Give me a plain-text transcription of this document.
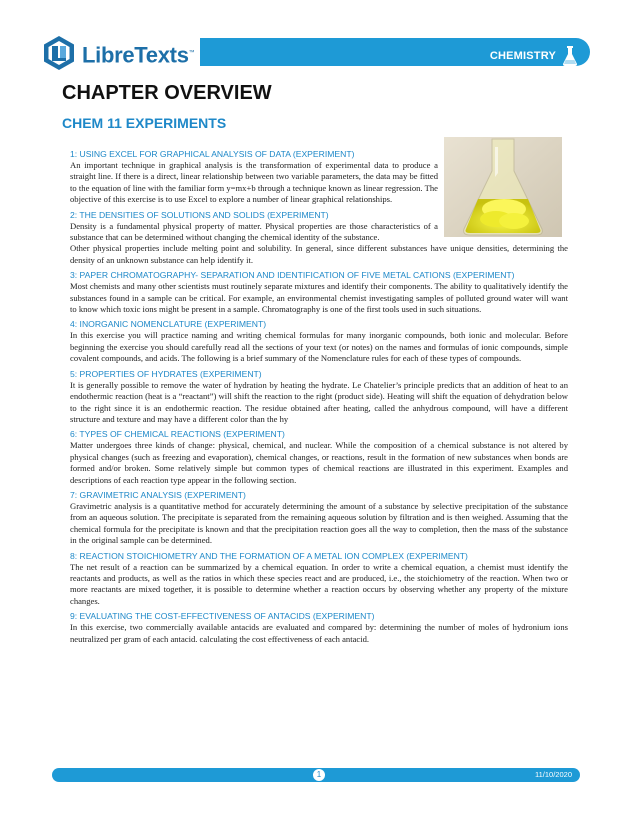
CHEMISTRY
LibreTexts™
CHAPTER OVERVIEW
CHEM 11 EXPERIMENTS
1: USING EXCEL FOR GRAPHICAL ANALYSIS OF DATA (EXPERIMENT)

An important technique in graphical analysis is the transformation of experimental data to produce a straight line. If there is a direct, linear relationship between two variable parameters, the data may be fitted to the equation of line with the familiar form y=mx+b through a technique known as linear regression. The objective of this exercise is to use Excel to explore a number of linear graphical relationships.

2: THE DENSITIES OF SOLUTIONS AND SOLIDS (EXPERIMENT)

Density is a fundamental physical property of matter. Physical properties are those characteristics of a substance that can be determined without changing the chemical identity of the substance.

Other physical properties include melting point and solubility. In general, since different substances have unique densities, determining the density of an unknown substance can help identify it.

3: PAPER CHROMATOGRAPHY- SEPARATION AND IDENTIFICATION OF FIVE METAL CATIONS (EXPERIMENT)

Most chemists and many other scientists must routinely separate mixtures and identify their components. The ability to qualitatively identify the substances found in a sample can be critical. For example, an environmental chemist investigating samples of polluted ground water will want to know which toxic ions might be present in a sample. Chromatography is one of the first tools used in such situations.

4: INORGANIC NOMENCLATURE (EXPERIMENT)

In this exercise you will practice naming and writing chemical formulas for many inorganic compounds, both ionic and molecular. Before beginning the exercise you should carefully read all the sections of your text (or notes) on the names and formulas of ionic compounds, simple covalent compounds, and acids. The following is a brief summary of the Nomenclature rules for each of these types of compounds.

5: PROPERTIES OF HYDRATES (EXPERIMENT)

It is generally possible to remove the water of hydration by heating the hydrate. Le Chatelier’s principle predicts that an addition of heat to an endothermic reaction (heat is a “reactant”) will shift the reaction to the right (product side). Heating will shift the equation of dehydration below to the right since it is an endothermic reaction. The residue obtained after heating, called the anhydrous compound, will have a different structure and texture and may have a different color than the hy

6: TYPES OF CHEMICAL REACTIONS (EXPERIMENT)

Matter undergoes three kinds of change: physical, chemical, and nuclear. While the composition of a chemical substance is not altered by physical changes (such as freezing and evaporation), chemical changes, or reactions, result in the formation of new substances when bonds are formed and/or broken. Some relatively simple but common types of chemical reactions are illustrated in this experiment. Examples and descriptions of each reaction type appear in the following section.

7: GRAVIMETRIC ANALYSIS (EXPERIMENT)

Gravimetric analysis is a quantitative method for accurately determining the amount of a substance by selective precipitation of the substance from an aqueous solution. The precipitate is separated from the remaining aqueous solution by filtration and is then weighed. Assuming that the chemical formula for the precipitate is known and that the precipitation reaction goes all the way to completion, then the mass of the substance in the original sample can be determined.

8: REACTION STOICHIOMETRY AND THE FORMATION OF A METAL ION COMPLEX (EXPERIMENT)

The net result of a reaction can be summarized by a chemical equation. In order to write a chemical equation, a chemist must identify the reactants and products, as well as the ratios in which these species react and are produced, i.e., the stoichiometry of the reaction. When two or more reactants are mixed together, it is possible to determine whether a reaction occurs by observing whether any property of the mixture changes.

9: EVALUATING THE COST-EFFECTIVENESS OF ANTACIDS (EXPERIMENT)

In this exercise, two commercially available antacids are evaluated and compared by: determining the number of moles of hydronium ions neutralized per gram of each antacid. calculating the cost effectiveness of each antacid.

1	11/10/2020
